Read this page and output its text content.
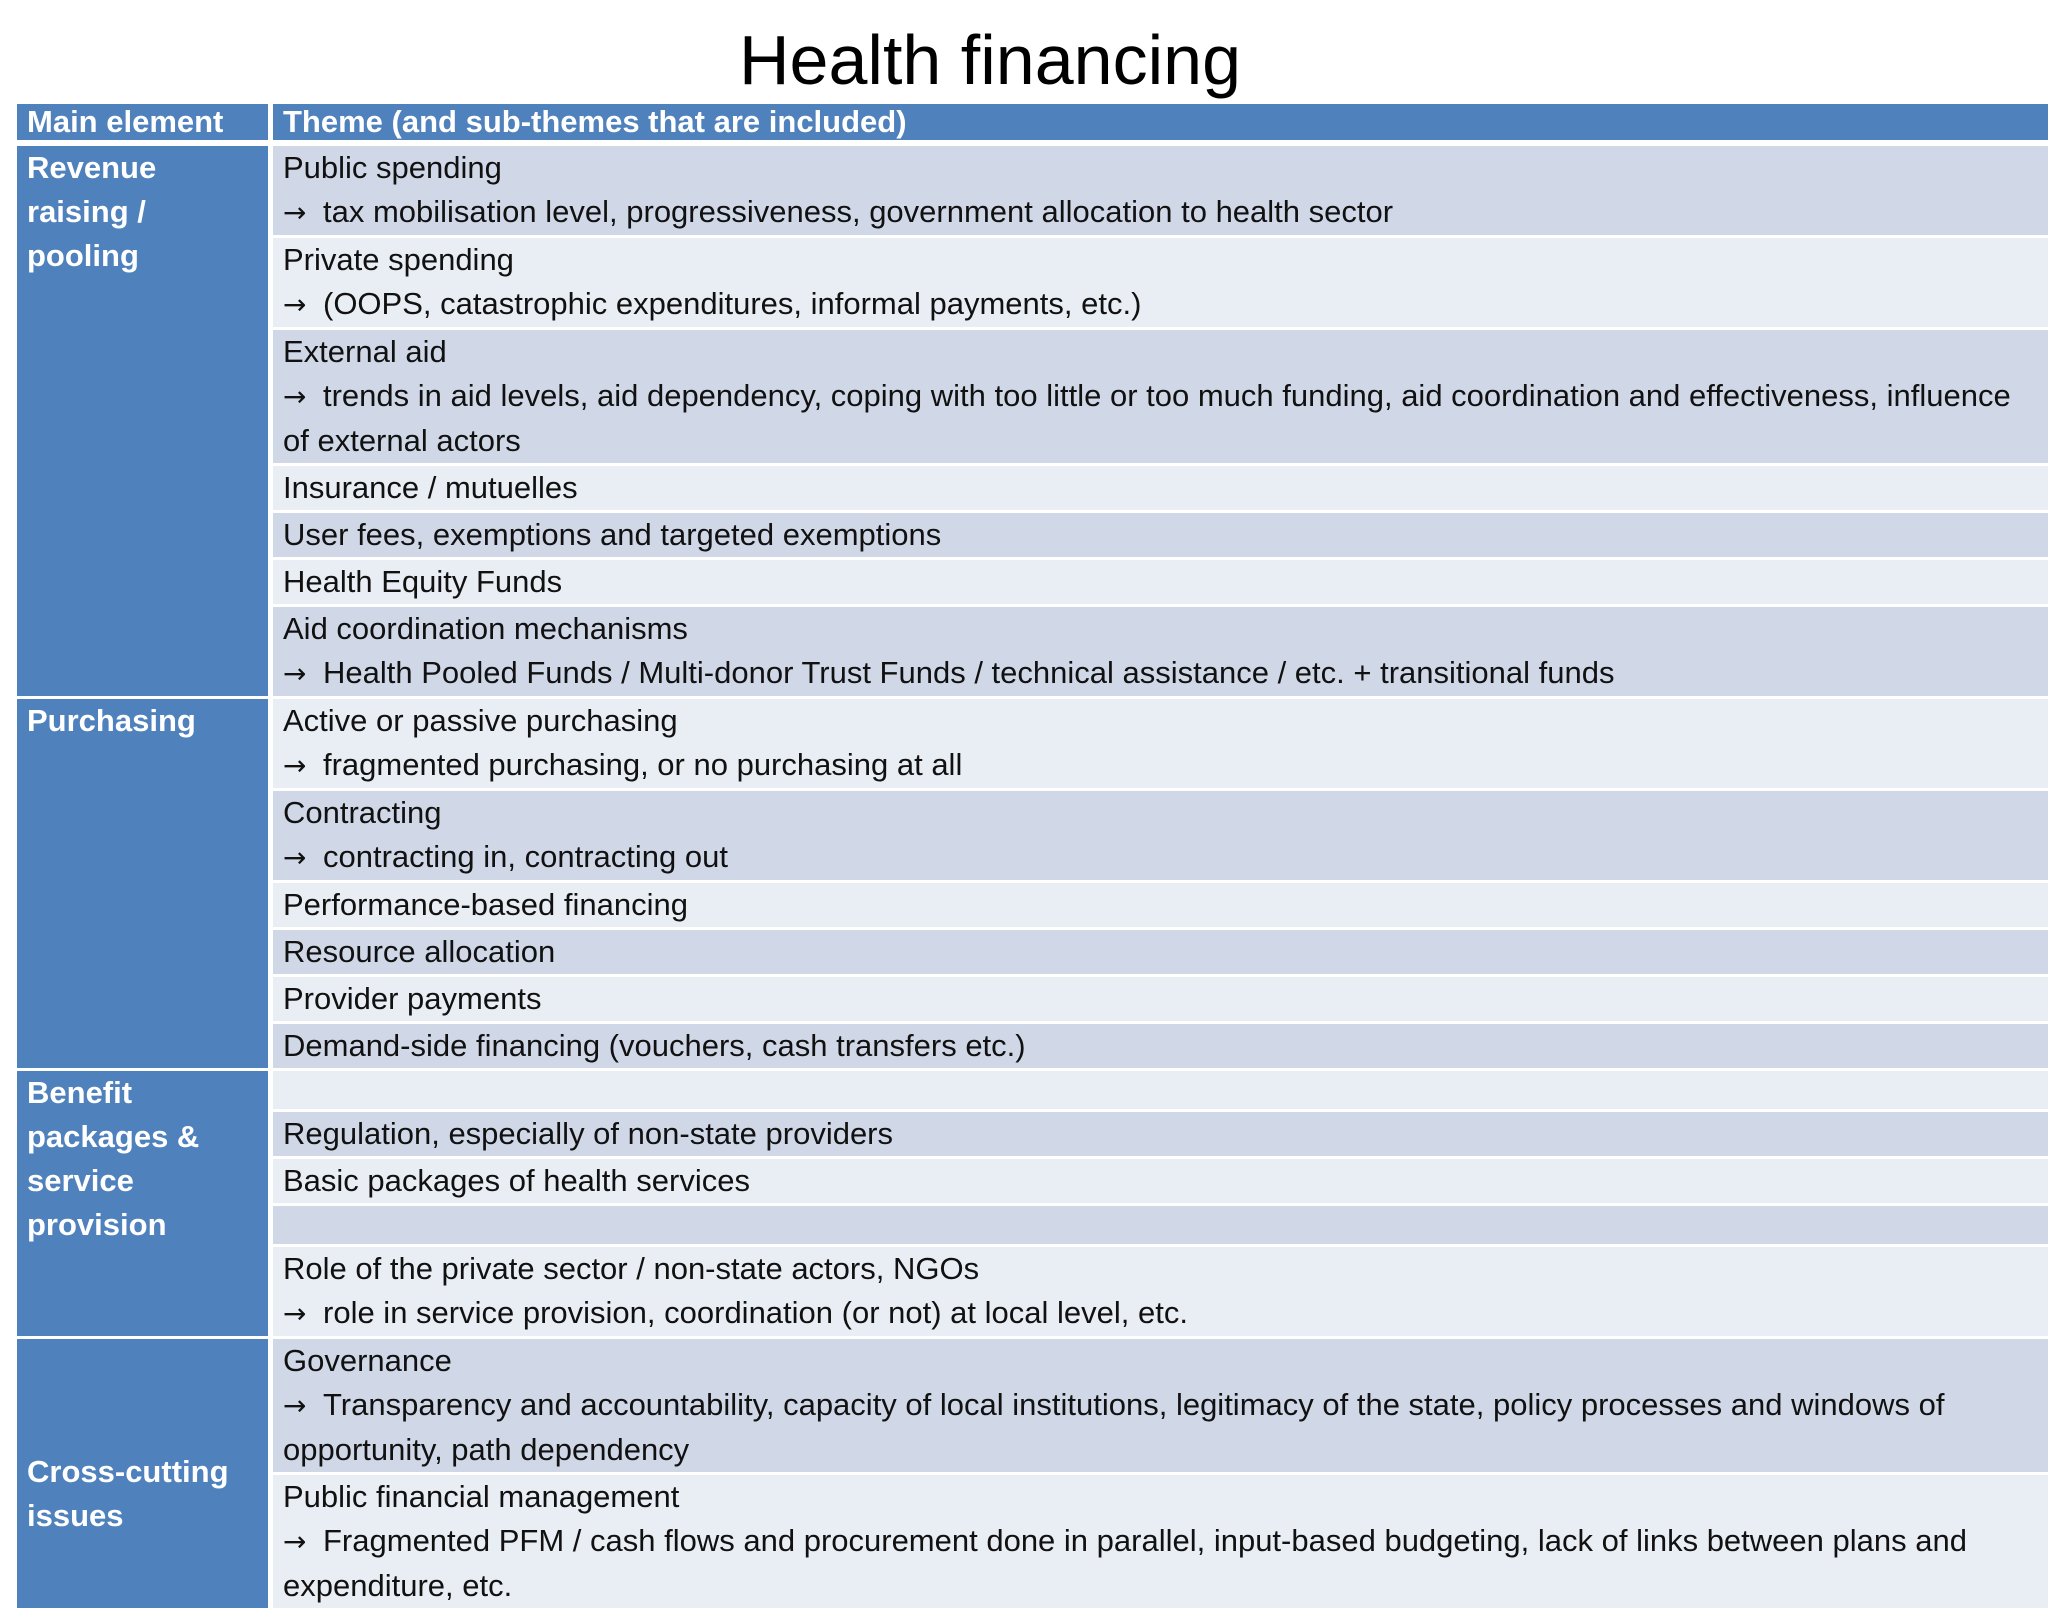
Health financing
Main element	Theme (and sub-themes that are included)
Revenue raising / pooling	Public spending
→ tax mobilisation level, progressiveness, government allocation to health sector

	Private spending
→ (OOPS, catastrophic expenditures, informal payments, etc.)

	External aid
→ trends in aid levels, aid dependency, coping with too little or too much funding, aid coordination and effectiveness, influence of external actors

	Insurance / mutuelles

	User fees, exemptions and targeted exemptions

	Health Equity Funds

	Aid coordination mechanisms
→ Health Pooled Funds / Multi-donor Trust Funds / technical assistance / etc. + transitional funds

Purchasing	Active or passive purchasing
→ fragmented purchasing, or no purchasing at all

	Contracting
→ contracting in, contracting out

	Performance-based financing

	Resource allocation

	Provider payments

	Demand-side financing (vouchers, cash transfers etc.)

Benefit packages & service provision	

	Regulation, especially of non-state providers

	Basic packages of health services

	Role of the private sector / non-state actors, NGOs
→ role in service provision, coordination (or not) at local level, etc.

Cross-cutting issues	Governance
→ Transparency and accountability, capacity of local institutions, legitimacy of the state, policy processes and windows of opportunity, path dependency

	Public financial management
→ Fragmented PFM / cash flows and procurement done in parallel, input-based budgeting, lack of links between plans and expenditure, etc.
